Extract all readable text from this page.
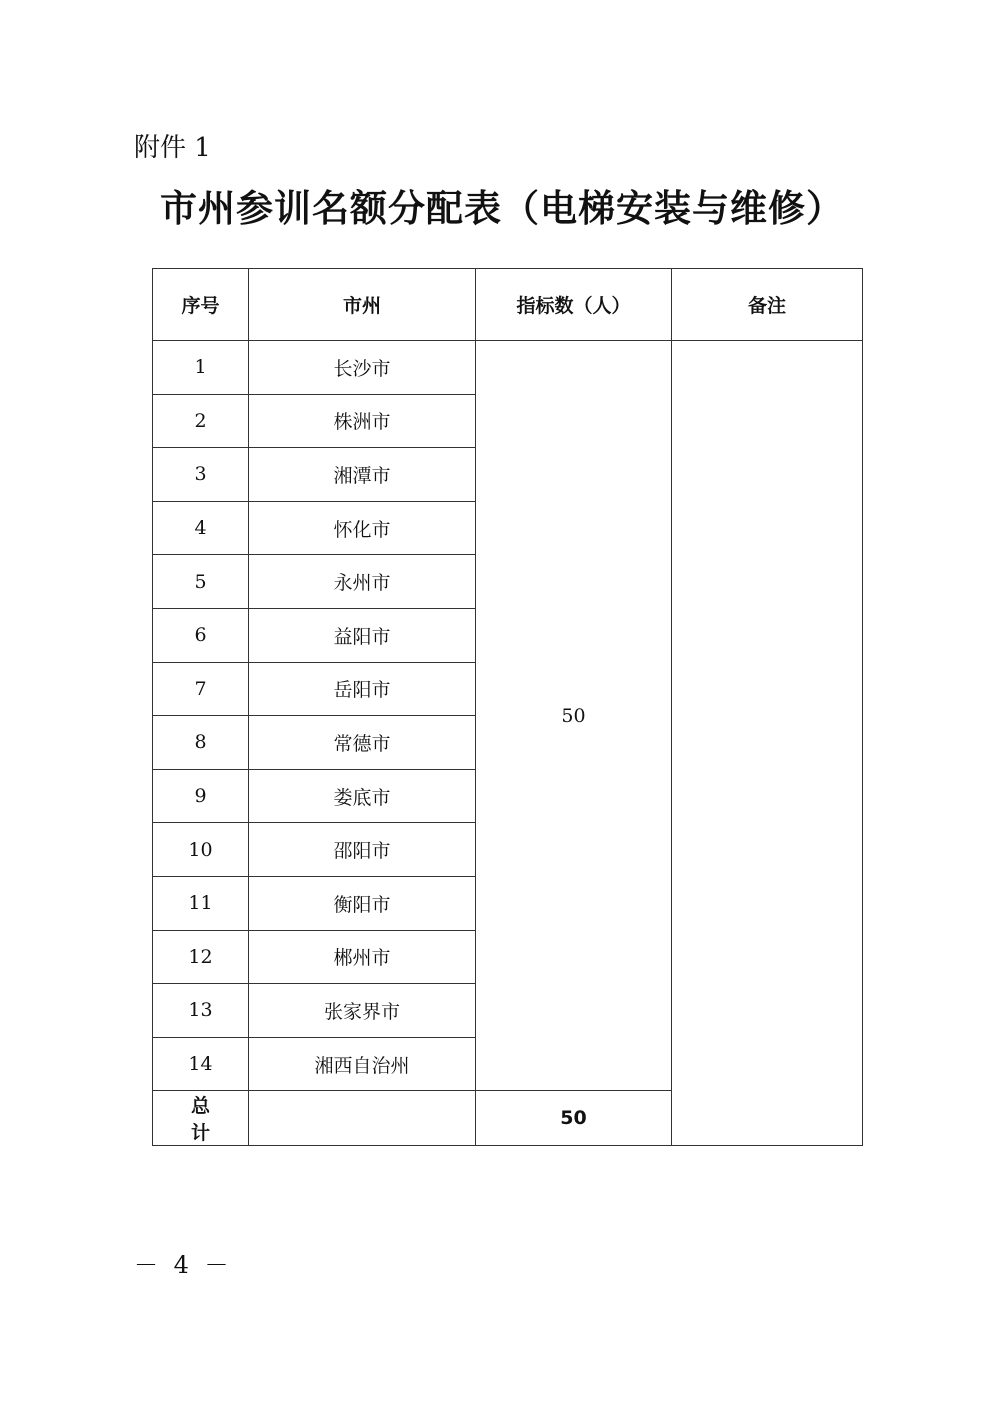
附件 1
市州参训名额分配表（电梯安装与维修）
序号	市州	指标数（人）	备注
1	长沙市	50	
2	株洲市		
3	湘潭市		
4	怀化市		
5	永州市		
6	益阳市		
7	岳阳市		
8	常德市		
9	娄底市		
10	邵阳市		
11	衡阳市		
12	郴州市		
13	张家界市		
14	湘西自治州		
总计		50	
－ 4 －
